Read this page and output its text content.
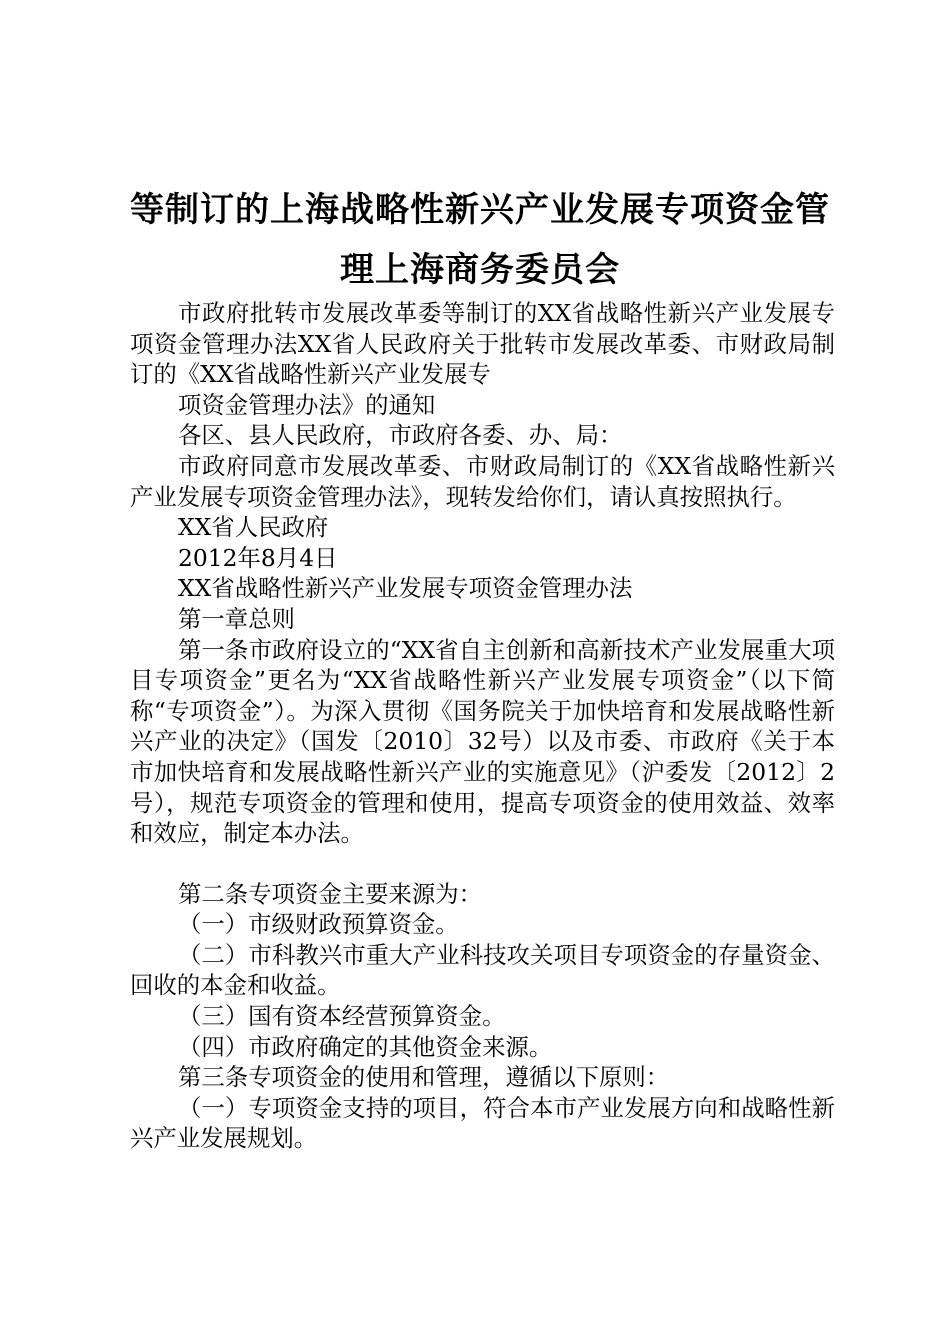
等制订的上海战略性新兴产业发展专项资金管
理上海商务委员会

市政府批转市发展改革委等制订的XX省战略性新兴产业发展专项资金管理办法XX省人民政府关于批转市发展改革委、市财政局制订的《XX省战略性新兴产业发展专

项资金管理办法》的通知

各区、县人民政府，市政府各委、办、局：

市政府同意市发展改革委、市财政局制订的《XX省战略性新兴产业发展专项资金管理办法》，现转发给你们，请认真按照执行。

XX省人民政府

2012年8月4日

XX省战略性新兴产业发展专项资金管理办法

第一章总则

第一条市政府设立的“XX省自主创新和高新技术产业发展重大项目专项资金”更名为“XX省战略性新兴产业发展专项资金”（以下简称“专项资金”）。为深入贯彻《国务院关于加快培育和发展战略性新兴产业的决定》（国发〔2010〕32号）以及市委、市政府《关于本市加快培育和发展战略性新兴产业的实施意见》（沪委发〔2012〕2号），规范专项资金的管理和使用，提高专项资金的使用效益、效率和效应，制定本办法。

第二条专项资金主要来源为：

（一）市级财政预算资金。

（二）市科教兴市重大产业科技攻关项目专项资金的存量资金、回收的本金和收益。

（三）国有资本经营预算资金。

（四）市政府确定的其他资金来源。

第三条专项资金的使用和管理，遵循以下原则：

（一）专项资金支持的项目，符合本市产业发展方向和战略性新兴产业发展规划。
